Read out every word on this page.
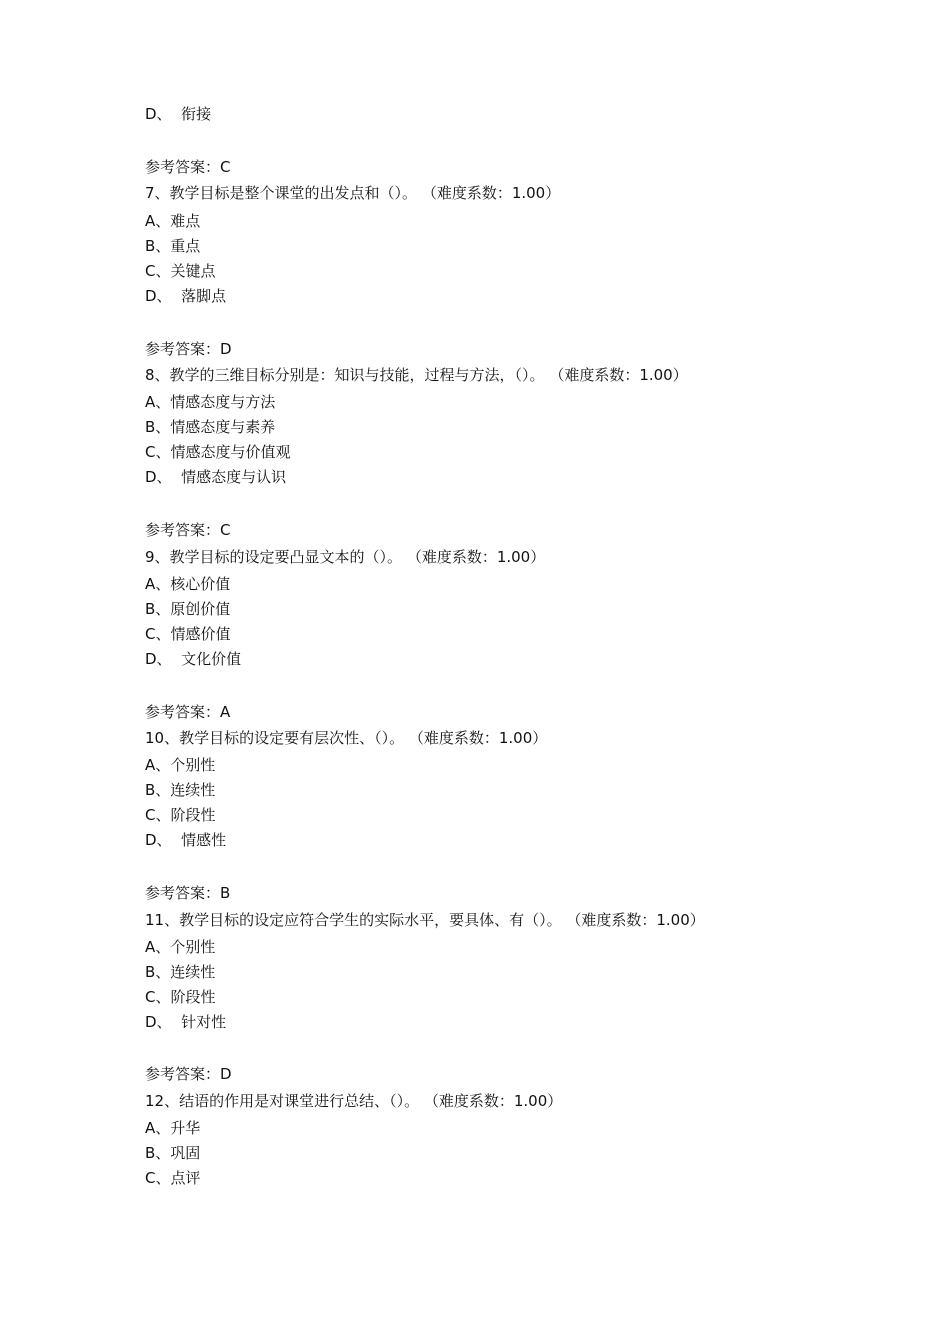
D、  衔接
参考答案：C
7、教学目标是整个课堂的出发点和（）。 （难度系数：1.00）
A、难点
B、重点
C、关键点
D、  落脚点
参考答案：D
8、教学的三维目标分别是：知识与技能，过程与方法，（）。 （难度系数：1.00）
A、情感态度与方法
B、情感态度与素养
C、情感态度与价值观
D、  情感态度与认识
参考答案：C
9、教学目标的设定要凸显文本的（）。 （难度系数：1.00）
A、核心价值
B、原创价值
C、情感价值
D、  文化价值
参考答案：A
10、教学目标的设定要有层次性、（）。 （难度系数：1.00）
A、个别性
B、连续性
C、阶段性
D、  情感性
参考答案：B
11、教学目标的设定应符合学生的实际水平，要具体、有（）。 （难度系数：1.00）
A、个别性
B、连续性
C、阶段性
D、  针对性
参考答案：D
12、结语的作用是对课堂进行总结、（）。 （难度系数：1.00）
A、升华
B、巩固
C、点评
